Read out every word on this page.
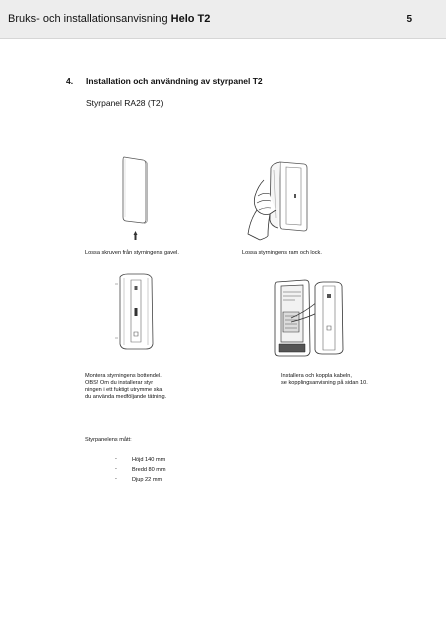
Bruks- och installationsanvisning Helo T2	5
4. Installation och användning av styrpanel T2
Styrpanel RA28 (T2)
Lossa skruven från styrningens gavel.	Lossa styrningens ram och lock.
Montera styrningens bottendel.
OBS! Om du installerar styr
ningen i ett fuktigt utrymme ska
du använda medföljande tätning.
Installera och koppla kabeln,
se kopplingsanvisning på sidan 10.
Styrpanelens mått:
-	Höjd 140 mm
-	Bredd 80 mm
-	Djup 22 mm
